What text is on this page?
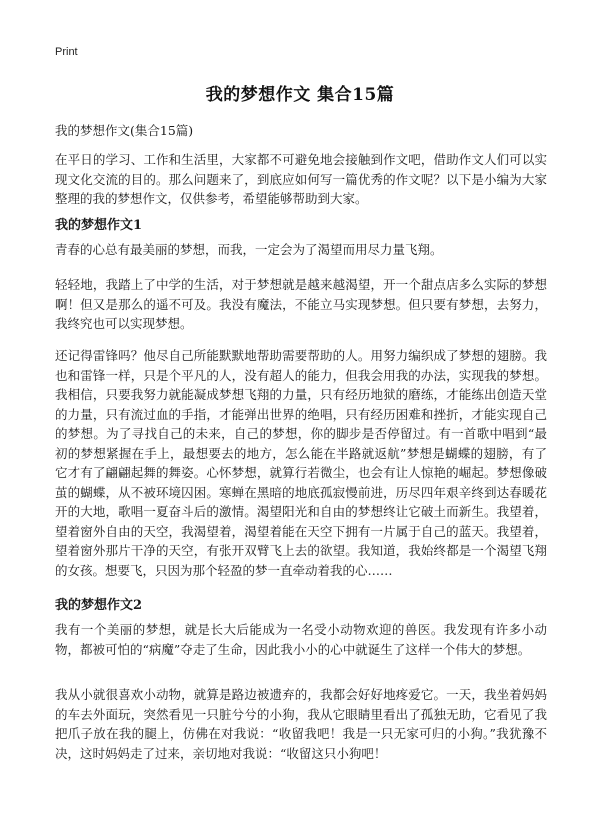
Print
我的梦想作文 集合15篇
我的梦想作文(集合15篇)

在平日的学习、工作和生活里，大家都不可避免地会接触到作文吧，借助作文人们可以实现文化交流的目的。那么问题来了，到底应如何写一篇优秀的作文呢？以下是小编为大家整理的我的梦想作文，仅供参考，希望能够帮助到大家。

我的梦想作文1

青春的心总有最美丽的梦想，而我，一定会为了渴望而用尽力量飞翔。

轻轻地，我踏上了中学的生活，对于梦想就是越来越渴望，开一个甜点店多么实际的梦想啊！但又是那么的遥不可及。我没有魔法，不能立马实现梦想。但只要有梦想，去努力，我终究也可以实现梦想。

还记得雷锋吗？他尽自己所能默默地帮助需要帮助的人。用努力编织成了梦想的翅膀。我也和雷锋一样，只是个平凡的人，没有超人的能力，但我会用我的办法，实现我的梦想。我相信，只要我努力就能凝成梦想飞翔的力量，只有经历地狱的磨练，才能练出创造天堂的力量，只有流过血的手指，才能弹出世界的绝唱，只有经历困难和挫折，才能实现自己的梦想。为了寻找自己的未来，自己的梦想，你的脚步是否停留过。有一首歌中唱到“最初的梦想紧握在手上，最想要去的地方，怎么能在半路就返航”梦想是蝴蝶的翅膀，有了它才有了翩翩起舞的舞姿。心怀梦想，就算行若微尘，也会有让人惊艳的崛起。梦想像破茧的蝴蝶，从不被环境囚困。寒蝉在黑暗的地底孤寂慢前进，历尽四年艰辛终到达春暖花开的大地，歌唱一夏奋斗后的激情。渴望阳光和自由的梦想终让它破土而新生。我望着，望着窗外自由的天空，我渴望着，渴望着能在天空下拥有一片属于自己的蓝天。我望着，望着窗外那片干净的天空，有张开双臂飞上去的欲望。我知道，我始终都是一个渴望飞翔的女孩。想要飞，只因为那个轻盈的梦一直牵动着我的心……

我的梦想作文2

我有一个美丽的梦想，就是长大后能成为一名受小动物欢迎的兽医。我发现有许多小动物，都被可怕的“病魔”夺走了生命，因此我小小的心中就诞生了这样一个伟大的梦想。

我从小就很喜欢小动物，就算是路边被遗弃的，我都会好好地疼爱它。一天，我坐着妈妈的车去外面玩，突然看见一只脏兮兮的小狗，我从它眼睛里看出了孤独无助，它看见了我把爪子放在我的腿上，仿佛在对我说：“收留我吧！我是一只无家可归的小狗。”我犹豫不决，这时妈妈走了过来，亲切地对我说：“收留这只小狗吧！
